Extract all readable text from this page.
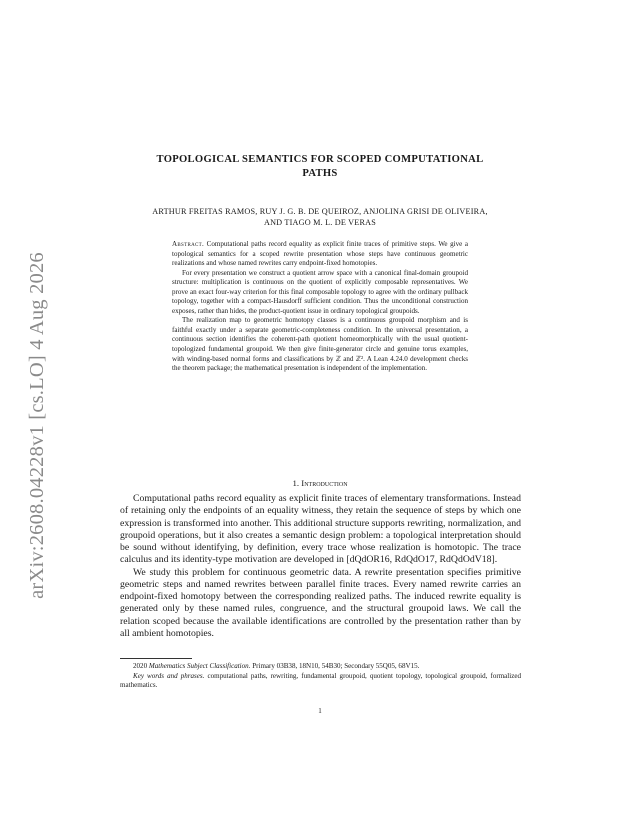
arXiv:2608.04228v1 [cs.LO] 4 Aug 2026
TOPOLOGICAL SEMANTICS FOR SCOPED COMPUTATIONAL
PATHS
ARTHUR FREITAS RAMOS, RUY J. G. B. DE QUEIROZ, ANJOLINA GRISI DE OLIVEIRA,
AND TIAGO M. L. DE VERAS

Abstract. Computational paths record equality as explicit finite traces of primitive steps. We give a topological semantics for a scoped rewrite presentation whose steps have continuous geometric realizations and whose named rewrites carry endpoint-fixed homotopies.

For every presentation we construct a quotient arrow space with a canonical final-domain groupoid structure: multiplication is continuous on the quotient of explicitly composable representatives. We prove an exact four-way criterion for this final composable topology to agree with the ordinary pullback topology, together with a compact-Hausdorff sufficient condition. Thus the unconditional construction exposes, rather than hides, the product-quotient issue in ordinary topological groupoids.

The realization map to geometric homotopy classes is a continuous groupoid morphism and is faithful exactly under a separate geometric-completeness condition. In the universal presentation, a continuous section identifies the coherent-path quotient homeomorphically with the usual quotient-topologized fundamental groupoid. We then give finite-generator circle and genuine torus examples, with winding-based normal forms and classifications by ℤ and ℤ². A Lean 4.24.0 development checks the theorem package; the mathematical presentation is independent of the implementation.

1. Introduction

Computational paths record equality as explicit finite traces of elementary transformations. Instead of retaining only the endpoints of an equality witness, they retain the sequence of steps by which one expression is transformed into another. This additional structure supports rewriting, normalization, and groupoid operations, but it also creates a semantic design problem: a topological interpretation should be sound without identifying, by definition, every trace whose realization is homotopic. The trace calculus and its identity-type motivation are developed in [dQdOR16, RdQdO17, RdQdOdV18].

We study this problem for continuous geometric data. A rewrite presentation specifies primitive geometric steps and named rewrites between parallel finite traces. Every named rewrite carries an endpoint-fixed homotopy between the corresponding realized paths. The induced rewrite equality is generated only by these named rules, congruence, and the structural groupoid laws. We call the relation scoped because the available identifications are controlled by the presentation rather than by all ambient homotopies.

2020 Mathematics Subject Classification. Primary 03B38, 18N10, 54B30; Secondary 55Q05, 68V15.

Key words and phrases. computational paths, rewriting, fundamental groupoid, quotient topology, topological groupoid, formalized mathematics.

1
